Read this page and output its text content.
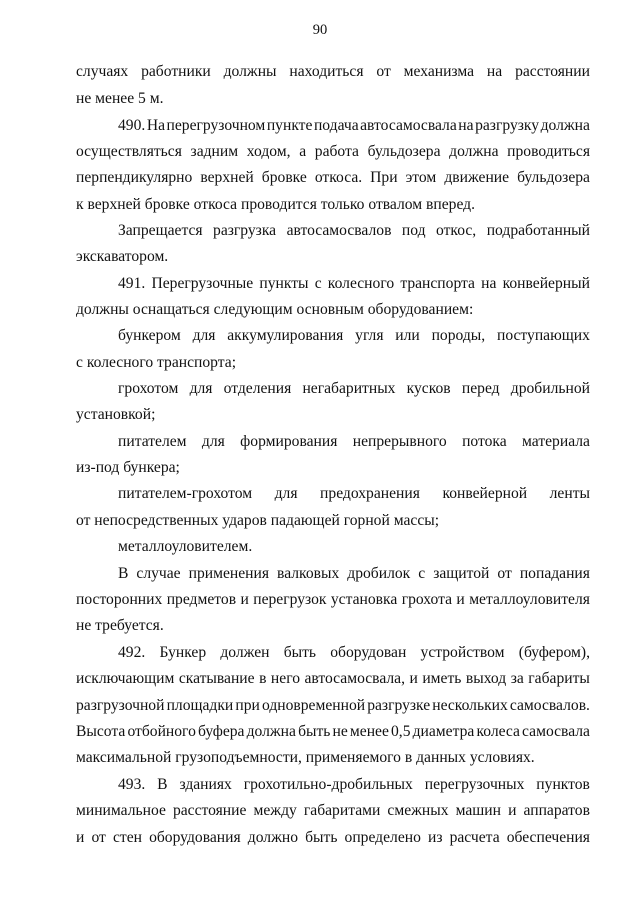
90
случаях работники должны находиться от механизма на расстоянии
не менее 5 м.
490. На перегрузочном пункте подача автосамосвала на разгрузку должна
осуществляться задним ходом, а работа бульдозера должна проводиться
перпендикулярно верхней бровке откоса. При этом движение бульдозера
к верхней бровке откоса проводится только отвалом вперед.
Запрещается разгрузка автосамосвалов под откос, подработанный
экскаватором.
491. Перегрузочные пункты с колесного транспорта на конвейерный
должны оснащаться следующим основным оборудованием:
бункером для аккумулирования угля или породы, поступающих
с колесного транспорта;
грохотом для отделения негабаритных кусков перед дробильной
установкой;
питателем для формирования непрерывного потока материала
из-под бункера;
питателем-грохотом для предохранения конвейерной ленты
от непосредственных ударов падающей горной массы;
металлоуловителем.
В случае применения валковых дробилок с защитой от попадания
посторонних предметов и перегрузок установка грохота и металлоуловителя
не требуется.
492. Бункер должен быть оборудован устройством (буфером),
исключающим скатывание в него автосамосвала, и иметь выход за габариты
разгрузочной площадки при одновременной разгрузке нескольких самосвалов.
Высота отбойного буфера должна быть не менее 0,5 диаметра колеса самосвала
максимальной грузоподъемности, применяемого в данных условиях.
493. В зданиях грохотильно-дробильных перегрузочных пунктов
минимальное расстояние между габаритами смежных машин и аппаратов
и от стен оборудования должно быть определено из расчета обеспечения
